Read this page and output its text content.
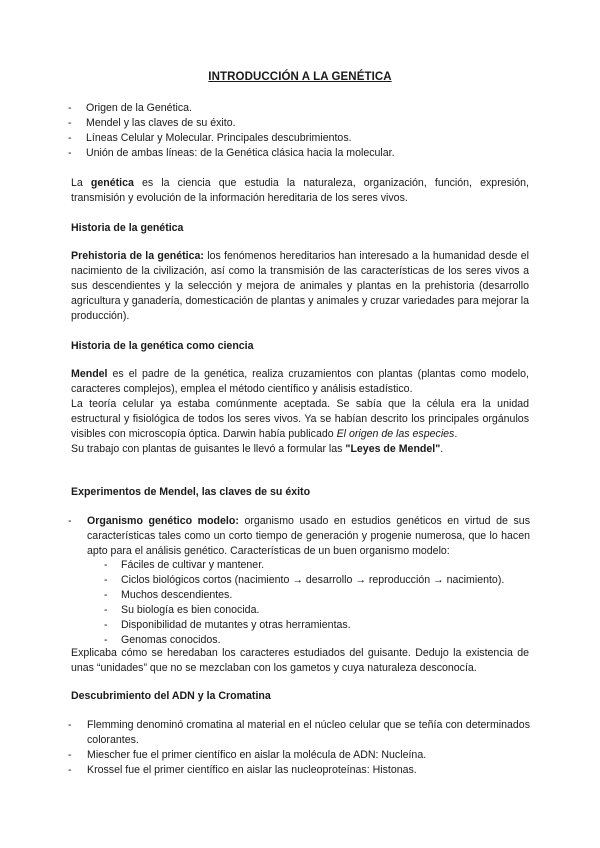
INTRODUCCIÓN A LA GENÉTICA
- Origen de la Genética.
- Mendel y las claves de su éxito.
- Líneas Celular y Molecular. Principales descubrimientos.
- Unión de ambas líneas: de la Genética clásica hacia la molecular.

La genética es la ciencia que estudia la naturaleza, organización, función, expresión, transmisión y evolución de la información hereditaria de los seres vivos.

Historia de la genética

Prehistoria de la genética: los fenómenos hereditarios han interesado a la humanidad desde el nacimiento de la civilización, así como la transmisión de las características de los seres vivos a sus descendientes y la selección y mejora de animales y plantas en la prehistoria (desarrollo agricultura y ganadería, domesticación de plantas y animales y cruzar variedades para mejorar la producción).

Historia de la genética como ciencia
Mendel es el padre de la genética, realiza cruzamientos con plantas (plantas como modelo, caracteres complejos), emplea el método científico y análisis estadístico.
La teoría celular ya estaba comúnmente aceptada. Se sabía que la célula era la unidad estructural y fisiológica de todos los seres vivos. Ya se habían descrito los principales orgánulos visibles con microscopía óptica. Darwin había publicado El origen de las especies.
Su trabajo con plantas de guisantes le llevó a formular las "Leyes de Mendel".
Experimentos de Mendel, las claves de su éxito
- Organismo genético modelo: organismo usado en estudios genéticos en virtud de sus características tales como un corto tiempo de generación y progenie numerosa, que lo hacen apto para el análisis genético. Características de un buen organismo modelo:
- Fáciles de cultivar y mantener.
- Ciclos biológicos cortos (nacimiento → desarrollo → reproducción → nacimiento).
- Muchos descendientes.
- Su biología es bien conocida.
- Disponibilidad de mutantes y otras herramientas.
- Genomas conocidos.

Explicaba cómo se heredaban los caracteres estudiados del guisante. Dedujo la existencia de unas “unidades” que no se mezclaban con los gametos y cuya naturaleza desconocía.

Descubrimiento del ADN y la Cromatina
- Flemming denominó cromatina al material en el núcleo celular que se teñía con determinados colorantes.
- Miescher fue el primer científico en aislar la molécula de ADN: Nucleína.
- Krossel fue el primer científico en aislar las nucleoproteínas: Histonas.
